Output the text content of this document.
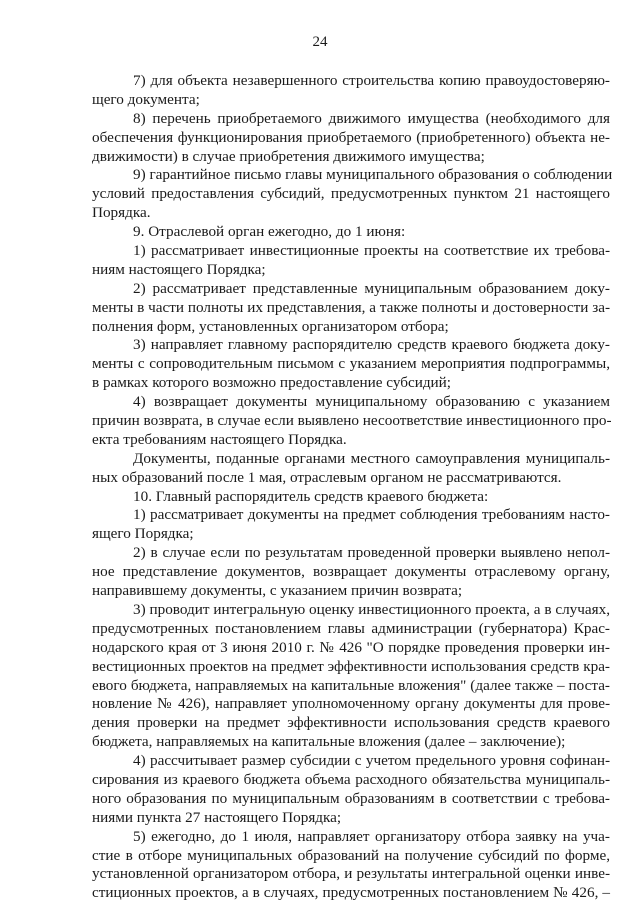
24
7) для объекта незавершенного строительства копию правоудостоверяю-
щего документа;
8) перечень приобретаемого движимого имущества (необходимого для
обеспечения функционирования приобретаемого (приобретенного) объекта не-
движимости) в случае приобретения движимого имущества;
9) гарантийное письмо главы муниципального образования о соблюдении
условий предоставления субсидий, предусмотренных пунктом 21 настоящего
Порядка.
9. Отраслевой орган ежегодно, до 1 июня:
1) рассматривает инвестиционные проекты на соответствие их требова-
ниям настоящего Порядка;
2) рассматривает представленные муниципальным образованием доку-
менты в части полноты их представления, а также полноты и достоверности за-
полнения форм, установленных организатором отбора;
3) направляет главному распорядителю средств краевого бюджета доку-
менты с сопроводительным письмом с указанием мероприятия подпрограммы,
в рамках которого возможно предоставление субсидий;
4) возвращает документы муниципальному образованию с указанием
причин возврата, в случае если выявлено несоответствие инвестиционного про-
екта требованиям настоящего Порядка.
Документы, поданные органами местного самоуправления муниципаль-
ных образований после 1 мая, отраслевым органом не рассматриваются.
10. Главный распорядитель средств краевого бюджета:
1) рассматривает документы на предмет соблюдения требованиям насто-
ящего Порядка;
2) в случае если по результатам проведенной проверки выявлено непол-
ное представление документов, возвращает документы отраслевому органу,
направившему документы, с указанием причин возврата;
3) проводит интегральную оценку инвестиционного проекта, а в случаях,
предусмотренных постановлением главы администрации (губернатора) Крас-
нодарского края от 3 июня 2010 г. № 426 "О порядке проведения проверки ин-
вестиционных проектов на предмет эффективности использования средств кра-
евого бюджета, направляемых на капитальные вложения" (далее также – поста-
новление № 426), направляет уполномоченному органу документы для прове-
дения проверки на предмет эффективности использования средств краевого
бюджета, направляемых на капитальные вложения (далее – заключение);
4) рассчитывает размер субсидии с учетом предельного уровня софинан-
сирования из краевого бюджета объема расходного обязательства муниципаль-
ного образования по муниципальным образованиям в соответствии с требова-
ниями пункта 27 настоящего Порядка;
5) ежегодно, до 1 июля, направляет организатору отбора заявку на уча-
стие в отборе муниципальных образований на получение субсидий по форме,
установленной организатором отбора, и результаты интегральной оценки инве-
стиционных проектов, а в случаях, предусмотренных постановлением № 426, –
